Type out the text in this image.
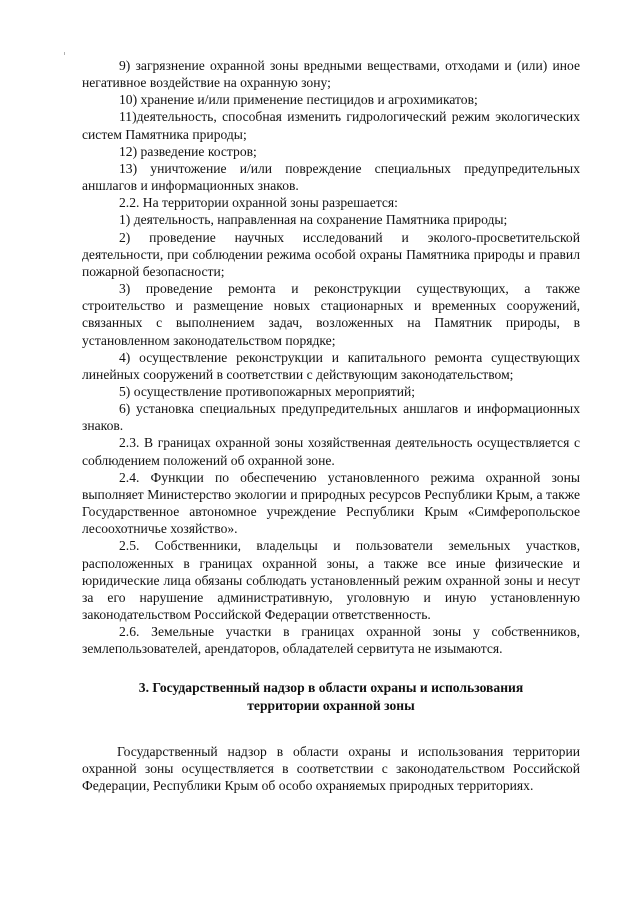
9) загрязнение охранной зоны вредными веществами, отходами и (или) иное негативное воздействие на охранную зону;

10) хранение и/или применение пестицидов и агрохимикатов;

11)деятельность, способная изменить гидрологический режим экологических систем Памятника природы;

12) разведение костров;

13) уничтожение и/или повреждение специальных предупредительных аншлагов и информационных знаков.

2.2. На территории охранной зоны разрешается:

1) деятельность, направленная на сохранение Памятника природы;

2) проведение научных исследований и эколого-просветительской деятельности, при соблюдении режима особой охраны Памятника природы и правил пожарной безопасности;

3) проведение ремонта и реконструкции существующих, а также строительство и размещение новых стационарных и временных сооружений, связанных с выполнением задач, возложенных на Памятник природы, в установленном законодательством порядке;

4) осуществление реконструкции и капитального ремонта существующих линейных сооружений в соответствии с действующим законодательством;

5) осуществление противопожарных мероприятий;

6) установка специальных предупредительных аншлагов и информационных знаков.

2.3. В границах охранной зоны хозяйственная деятельность осуществляется с соблюдением положений об охранной зоне.

2.4. Функции по обеспечению установленного режима охранной зоны выполняет Министерство экологии и природных ресурсов Республики Крым, а также Государственное автономное учреждение Республики Крым «Симферопольское лесоохотничье хозяйство».

2.5. Собственники, владельцы и пользователи земельных участков, расположенных в границах охранной зоны, а также все иные физические и юридические лица обязаны соблюдать установленный режим охранной зоны и несут за его нарушение административную, уголовную и иную установленную законодательством Российской Федерации ответственность.

2.6. Земельные участки в границах охранной зоны у собственников, землепользователей, арендаторов, обладателей сервитута не изымаются.

3. Государственный надзор в области охраны и использования

территории охранной зоны

Государственный надзор в области охраны и использования территории охранной зоны осуществляется в соответствии с законодательством Российской Федерации, Республики Крым об особо охраняемых природных территориях.
